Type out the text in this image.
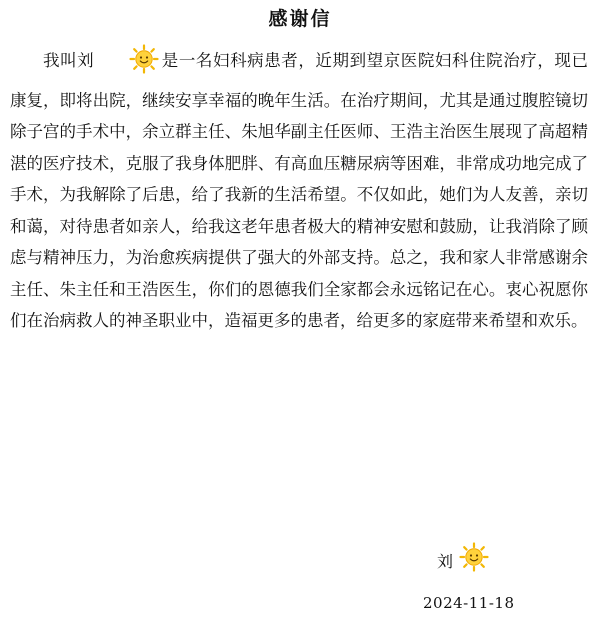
感谢信

我叫刘	是一名妇科病患者，近期到望京医院妇科住院治疗，现已康复，即将出院，继续安享幸福的晚年生活。在治疗期间，尤其是通过腹腔镜切除子宫的手术中，余立群主任、朱旭华副主任医师、王浩主治医生展现了高超精湛的医疗技术，克服了我身体肥胖、有高血压糖尿病等困难，非常成功地完成了手术，为我解除了后患，给了我新的生活希望。不仅如此，她们为人友善，亲切和蔼，对待患者如亲人，给我这老年患者极大的精神安慰和鼓励，让我消除了顾虑与精神压力，为治愈疾病提供了强大的外部支持。总之，我和家人非常感谢余主任、朱主任和王浩医生，你们的恩德我们全家都会永远铭记在心。衷心祝愿你们在治病救人的神圣职业中，造福更多的患者，给更多的家庭带来希望和欢乐。

刘
2024-11-18
